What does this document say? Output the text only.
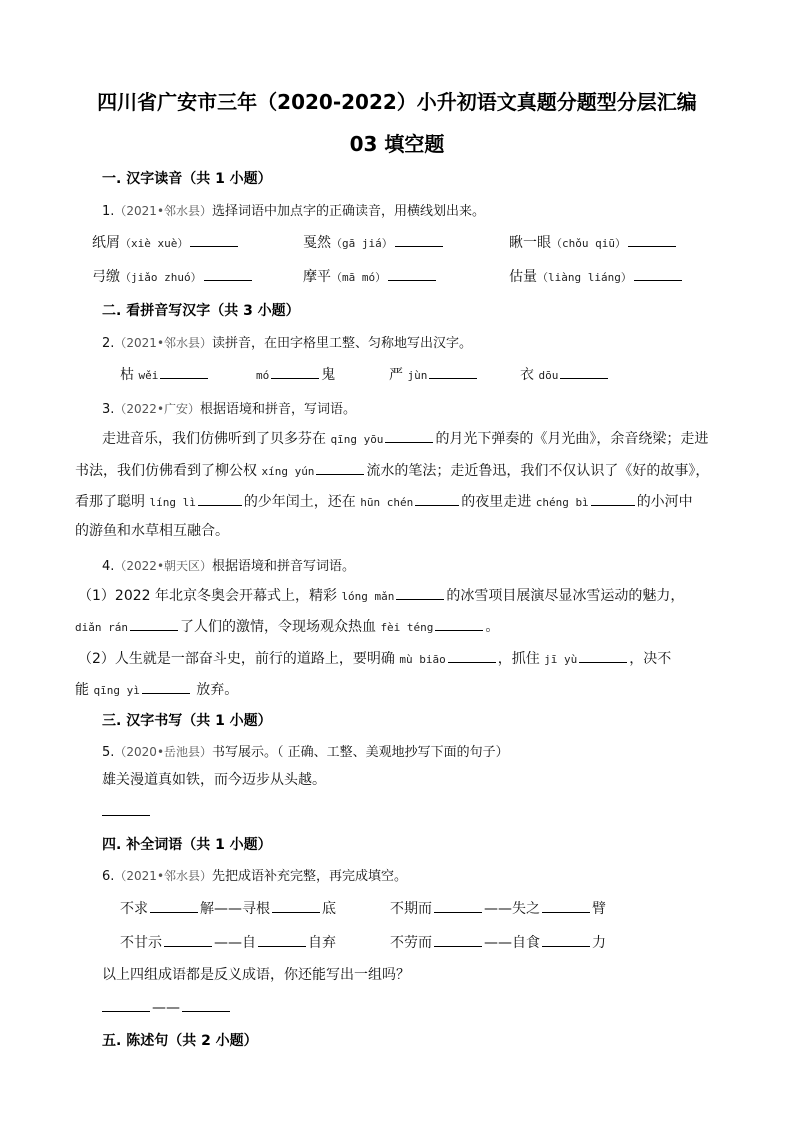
四川省广安市三年（2020-2022）小升初语文真题分题型分层汇编
03 填空题
一. 汉字读音（共 1 小题）
1.（2021•邻水县）选择词语中加点字的正确读音，用横线划出来。
纸屑（xiè xuè）	戛然（gā jiá）	瞅一眼（chǒu qiū）
弓缴（jiǎo zhuó）	摩平（mā mó）	估量（liàng liáng）
二. 看拼音写汉字（共 3 小题）
2.（2021•邻水县）读拼音，在田字格里工整、匀称地写出汉字。
枯 wěi	mó	鬼	严 jùn	衣 dōu
3.（2022•广安）根据语境和拼音，写词语。
走进音乐，我们仿佛听到了贝多芬在 qīng yōu	的月光下弹奏的《月光曲》，余音绕梁；走进
书法，我们仿佛看到了柳公权 xíng yún	流水的笔法；走近鲁迅，我们不仅认识了《好的故事》，
看那了聪明 líng lì	的少年闰土，还在 hūn chén	的夜里走进 chéng bì	的小河中
的游鱼和水草相互融合。
4.（2022•朝天区）根据语境和拼音写词语。
（1）2022 年北京冬奥会开幕式上，精彩 lóng mǎn	的冰雪项目展演尽显冰雪运动的魅力，
diǎn rán	了人们的激情，令现场观众热血 fèi téng	。
（2）人生就是一部奋斗史，前行的道路上，要明确 mù biāo	，抓住 jī yù	，决不
能 qīng yì	放弃。
三. 汉字书写（共 1 小题）
5.（2020•岳池县）书写展示。（ 正确、工整、美观地抄写下面的句子）
雄关漫道真如铁，而今迈步从头越。
四. 补全词语（共 1 小题）
6.（2021•邻水县）先把成语补充完整，再完成填空。
不求	解——寻根	底	不期而	——失之	臂
不甘示	——自	自弃	不劳而	——自食	力
以上四组成语都是反义成语，你还能写出一组吗？
——
五. 陈述句（共 2 小题）
